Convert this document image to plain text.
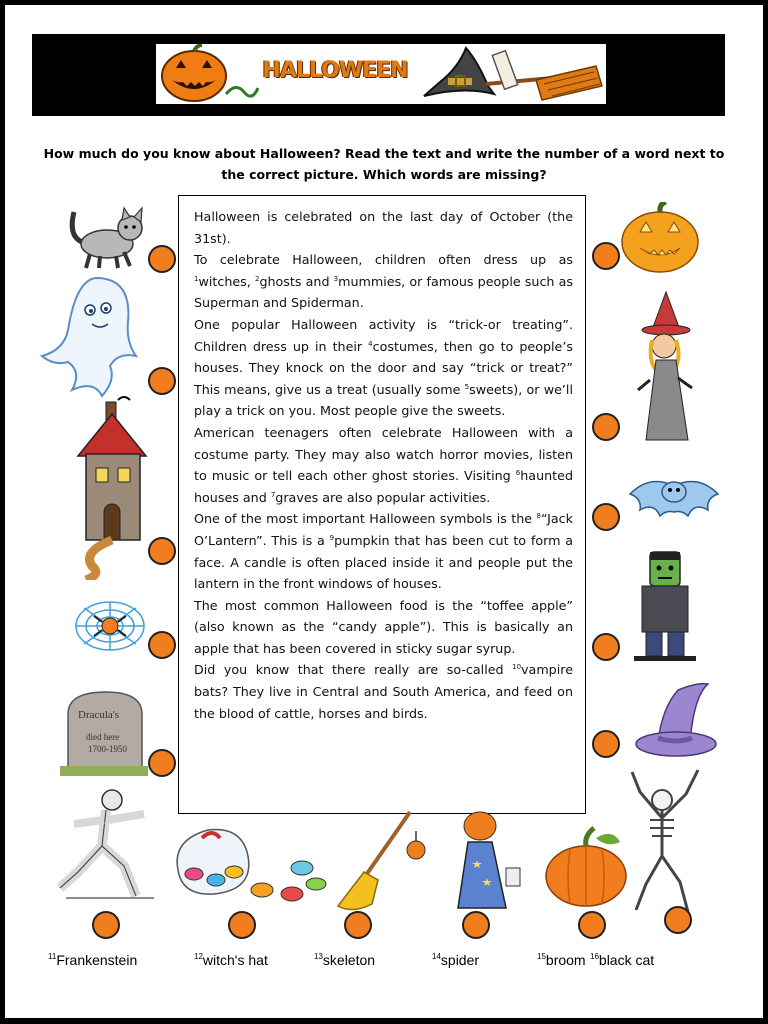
HALLOWEEN
How much do you know about Halloween? Read the text and write the number of a word next to the correct picture. Which words are missing?

Halloween is celebrated on the last day of October (the 31st).

To celebrate Halloween, children often dress up as $^1$witches, $^2$ghosts and $^3$mummies, or famous people such as Superman and Spiderman.

One popular Halloween activity is “trick-or treating”. Children dress up in their $^4$costumes, then go to people’s houses. They knock on the door and say “trick or treat?” This means, give us a treat (usually some $^5$sweets), or we’ll play a trick on you. Most people give the sweets.

American teenagers often celebrate Halloween with a costume party. They may also watch horror movies, listen to music or tell each other ghost stories. Visiting $^6$haunted houses and $^7$graves are also popular activities.

One of the most important Halloween symbols is the $^8$“Jack O’Lantern”. This is a $^9$pumpkin that has been cut to form a face. A candle is often placed inside it and people put the lantern in the front windows of houses.

The most common Halloween food is the “toffee apple” (also known as the “candy apple”). This is basically an apple that has been covered in sticky sugar syrup.

Did you know that there really are so-called $^{10}$vampire bats? They live in Central and South America, and feed on the blood of cattle, horses and birds.

Dracula's
died here
1700-1950
$^{11}$Frankenstein	$^{12}$witch's hat	$^{13}$skeleton	$^{14}$spider	$^{15}$broom $^{16}$black cat
